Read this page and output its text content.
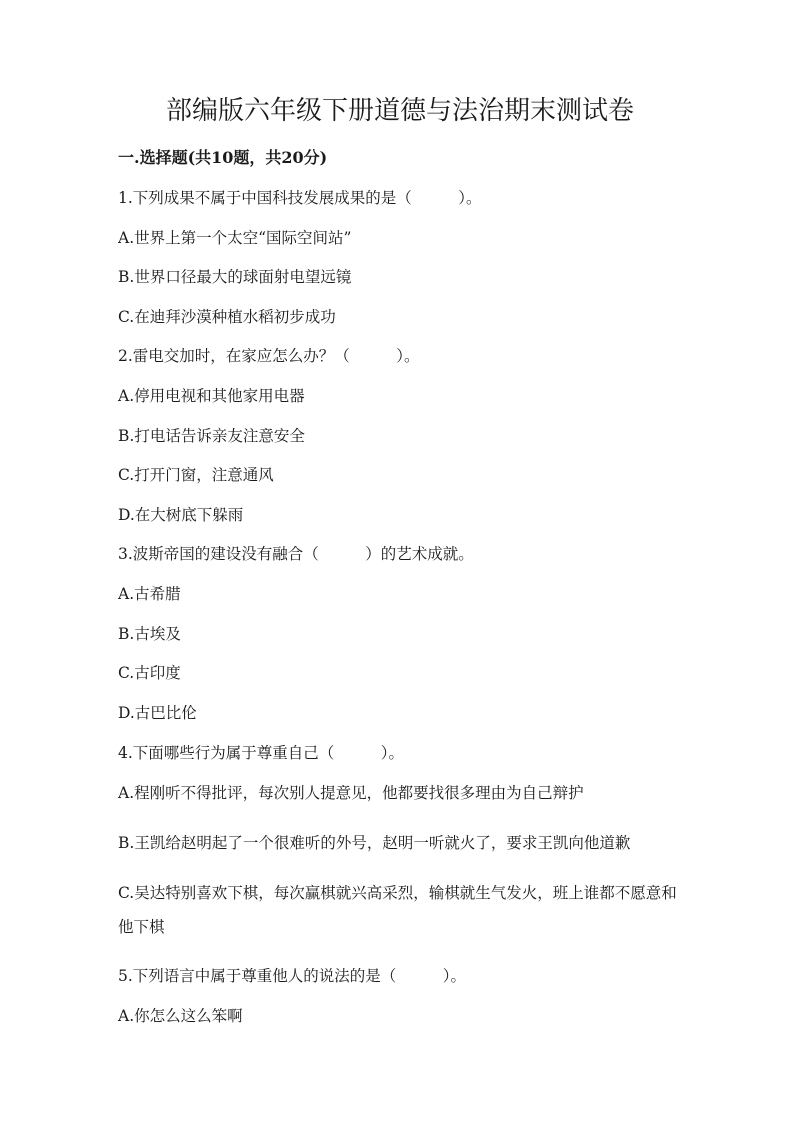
部编版六年级下册道德与法治期末测试卷

一.选择题(共10题，共20分)

1.下列成果不属于中国科技发展成果的是（　　　）。

A.世界上第一个太空“国际空间站”

B.世界口径最大的球面射电望远镜

C.在迪拜沙漠种植水稻初步成功

2.雷电交加时，在家应怎么办？（　　　）。

A.停用电视和其他家用电器

B.打电话告诉亲友注意安全

C.打开门窗，注意通风

D.在大树底下躲雨

3.波斯帝国的建设没有融合（　　　）的艺术成就。

A.古希腊

B.古埃及

C.古印度

D.古巴比伦

4.下面哪些行为属于尊重自己（　　　）。

A.程刚听不得批评，每次别人提意见，他都要找很多理由为自己辩护

B.王凯给赵明起了一个很难听的外号，赵明一听就火了，要求王凯向他道歉

C.吴达特别喜欢下棋，每次赢棋就兴高采烈，输棋就生气发火，班上谁都不愿意和他下棋

5.下列语言中属于尊重他人的说法的是（　　　）。

A.你怎么这么笨啊
